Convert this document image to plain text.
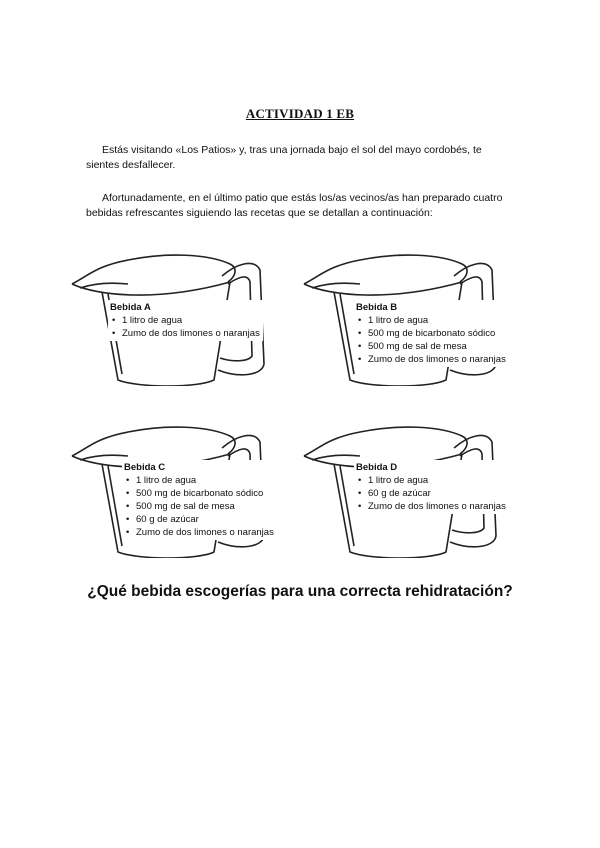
ACTIVIDAD 1 EB

Estás visitando «Los Patios» y, tras una jornada bajo el sol del mayo cordobés, te sientes desfallecer.

Afortunadamente, en el último patio que estás los/as vecinos/as han preparado cuatro bebidas refrescantes siguiendo las recetas que se detallan a continuación:

Bebida A
• 1 litro de agua
• Zumo de dos limones o naranjas
Bebida B
• 1 litro de agua
• 500 mg de bicarbonato sódico
• 500 mg de sal de mesa
• Zumo de dos limones o naranjas
Bebida C
• 1 litro de agua
• 500 mg de bicarbonato sódico
• 500 mg de sal de mesa
• 60 g de azúcar
• Zumo de dos limones o naranjas
Bebida D
• 1 litro de agua
• 60 g de azúcar
• Zumo de dos limones o naranjas
¿Qué bebida escogerías para una correcta rehidratación?
